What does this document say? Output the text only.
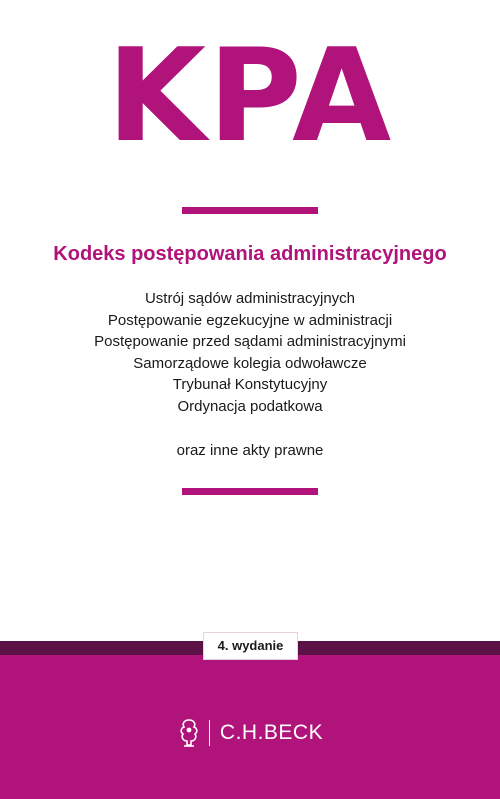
KPA
Kodeks postępowania administracyjnego
Ustrój sądów administracyjnych
Postępowanie egzekucyjne w administracji
Postępowanie przed sądami administracyjnymi
Samorządowe kolegia odwoławcze
Trybunał Konstytucyjny
Ordynacja podatkowa
oraz inne akty prawne
4. wydanie
C.H.BECK
